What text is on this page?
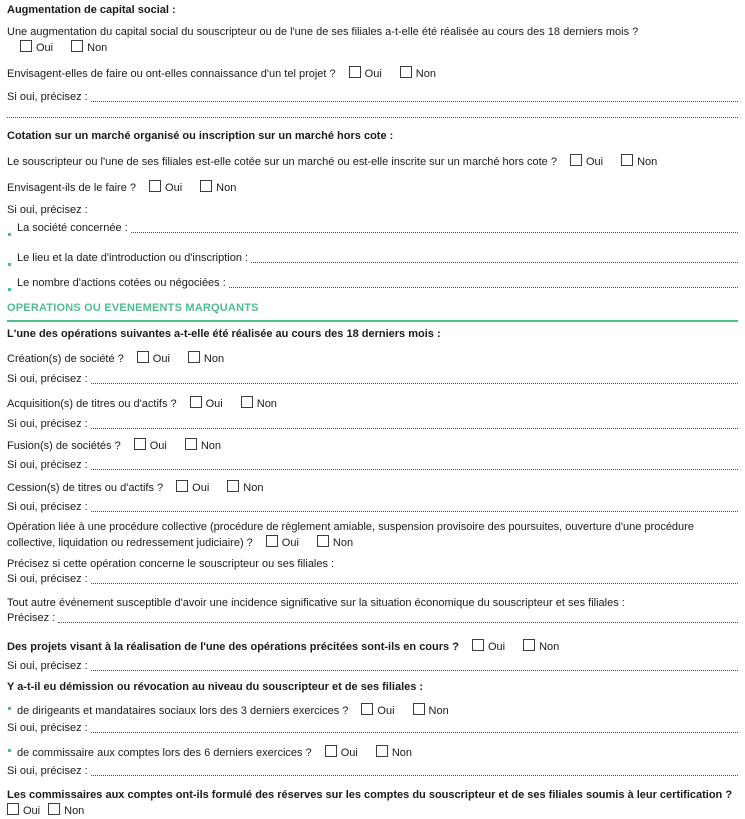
Augmentation de capital social :
Une augmentation du capital social du souscripteur ou de l'une de ses filiales a-t-elle été réalisée au cours des 18 derniers mois ?Oui	Non
Envisagent-elles de faire ou ont-elles connaissance d'un tel projet ?	Oui	Non
Si oui, précisez :
Cotation sur un marché organisé ou inscription sur un marché hors cote :
Le souscripteur ou l'une de ses filiales est-elle cotée sur un marché ou est-elle inscrite sur un marché hors cote ?	Oui	Non
Envisagent-ils de le faire ?	Oui	Non
Si oui, précisez :
La société concernée :
Le lieu et la date d'introduction ou d'inscription :
Le nombre d'actions cotées ou négociées :
OPERATIONS OU EVENEMENTS MARQUANTS
L'une des opérations suivantes a-t-elle été réalisée au cours des 18 derniers mois :
Création(s) de société ?	Oui	Non
Si oui, précisez :
Acquisition(s) de titres ou d'actifs ?	Oui	Non
Si oui, précisez :
Fusion(s) de sociétés ?	Oui	Non
Si oui, précisez :
Cession(s) de titres ou d'actifs ?	Oui	Non
Si oui, précisez :
Opération liée à une procédure collective (procédure de règlement amiable, suspension provisoire des poursuites, ouverture d'une procédure collective, liquidation ou redressement judiciaire) ?	Oui	Non
Précisez si cette opération concerne le souscripteur ou ses filiales :
Si oui, précisez :
Tout autre événement susceptible d'avoir une incidence significative sur la situation économique du souscripteur et ses filiales :
Précisez :
Des projets visant à la réalisation de l'une des opérations précitées sont-ils en cours ?	Oui	Non
Si oui, précisez :
Y a-t-il eu démission ou révocation au niveau du souscripteur et de ses filiales :
de dirigeants et mandataires sociaux lors des 3 derniers exercices ?	Oui	Non
Si oui, précisez :
de commissaire aux comptes lors des 6 derniers exercices ?	Oui	Non
Si oui, précisez :
Les commissaires aux comptes ont-ils formulé des réserves sur les comptes du souscripteur et de ses filiales soumis à leur certification ?
Oui Non
